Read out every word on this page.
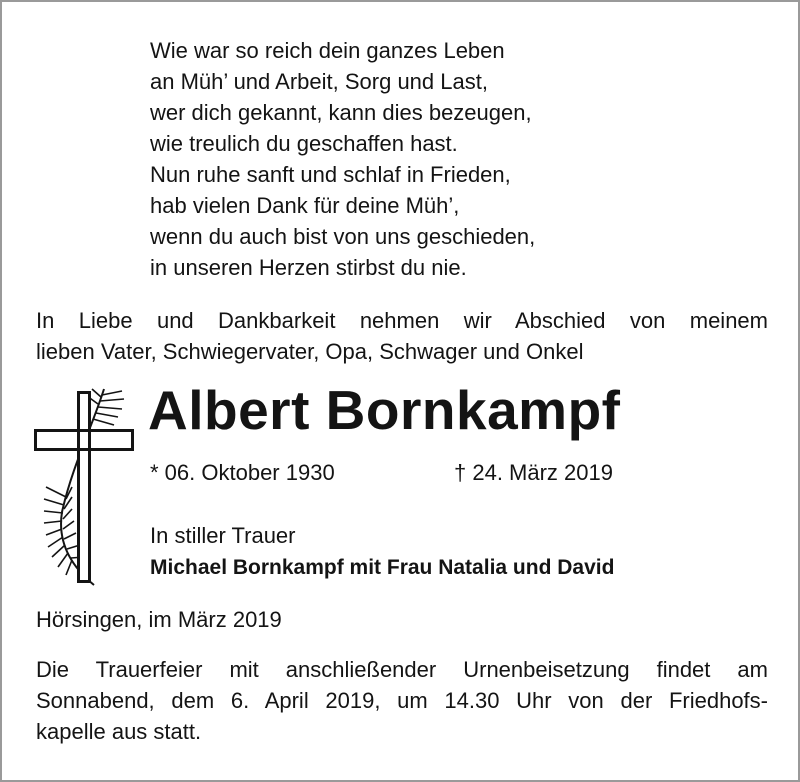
Wie war so reich dein ganzes Leben
an Müh’ und Arbeit, Sorg und Last,
wer dich gekannt, kann dies bezeugen,
wie treulich du geschaffen hast.
Nun ruhe sanft und schlaf in Frieden,
hab vielen Dank für deine Müh’,
wenn du auch bist von uns geschieden,
in unseren Herzen stirbst du nie.
In Liebe und Dankbarkeit nehmen wir Abschied von meinem
lieben Vater, Schwiegervater, Opa, Schwager und Onkel
Albert Bornkampf
* 06. Oktober 1930	† 24. März 2019
In stiller Trauer
Michael Bornkampf mit Frau Natalia und David
Hörsingen, im März 2019
Die Trauerfeier mit anschließender Urnenbeisetzung findet am
Sonnabend, dem 6. April 2019, um 14.30 Uhr von der Friedhofs-
kapelle aus statt.
